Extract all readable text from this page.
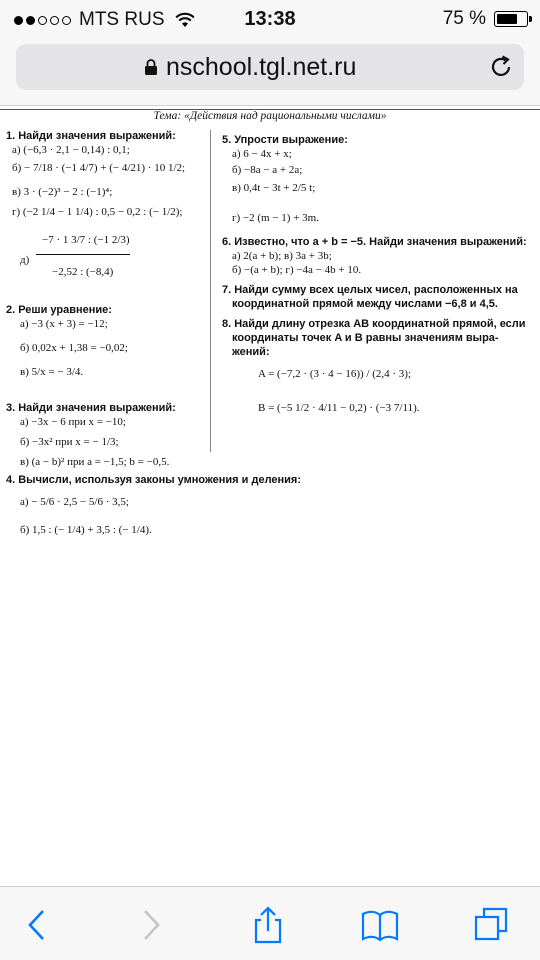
MTS RUS	13:38	75 %
nschool.tgl.net.ru
Тема: «Действия над рациональными числами»
1. Найди значения выражений:
а) (−6,3 · 2,1 − 0,14) : 0,1;
б) − 7/18 · (−1 4/7) + (− 4/21) · 10 1/2;
в) 3 · (−2)³ − 2 : (−1)⁴;
г) (−2 1/4 − 1 1/4) : 0,5 − 0,2 : (− 1/2);
−7 · 1 3/7 : (−1 2/3)
д)
−2,52 : (−8,4)
2. Реши уравнение:
а) −3 (x + 3) = −12;
б) 0,02x + 1,38 = −0,02;
в) 5/x = − 3/4.
3. Найди значения выражений:
а) −3x − 6 при x = −10;
б) −3x² при x = − 1/3;
в) (a − b)² при a = −1,5; b = −0,5.
4. Вычисли, используя законы умножения и деления:
а) − 5/6 · 2,5 − 5/6 · 3,5;
б) 1,5 : (− 1/4) + 3,5 : (− 1/4).
5. Упрости выражение:
а) 6 − 4x + x;
б) −8a − a + 2a;
в) 0,4t − 3t + 2/5 t;
г) −2 (m − 1) + 3m.
6. Известно, что a + b = −5. Найди значения выражений:
а) 2(a + b); в) 3a + 3b;
б) −(a + b); г) −4a − 4b + 10.
7. Найди сумму всех целых чисел, расположенных на
координатной прямой между числами −6,8 и 4,5.
8. Найди длину отрезка AB координатной прямой, если
координаты точек A и B равны значениям выра-
жений:
A = (−7,2 · (3 · 4 − 16)) / (2,4 · 3);
B = (−5 1/2 · 4/11 − 0,2) · (−3 7/11).
